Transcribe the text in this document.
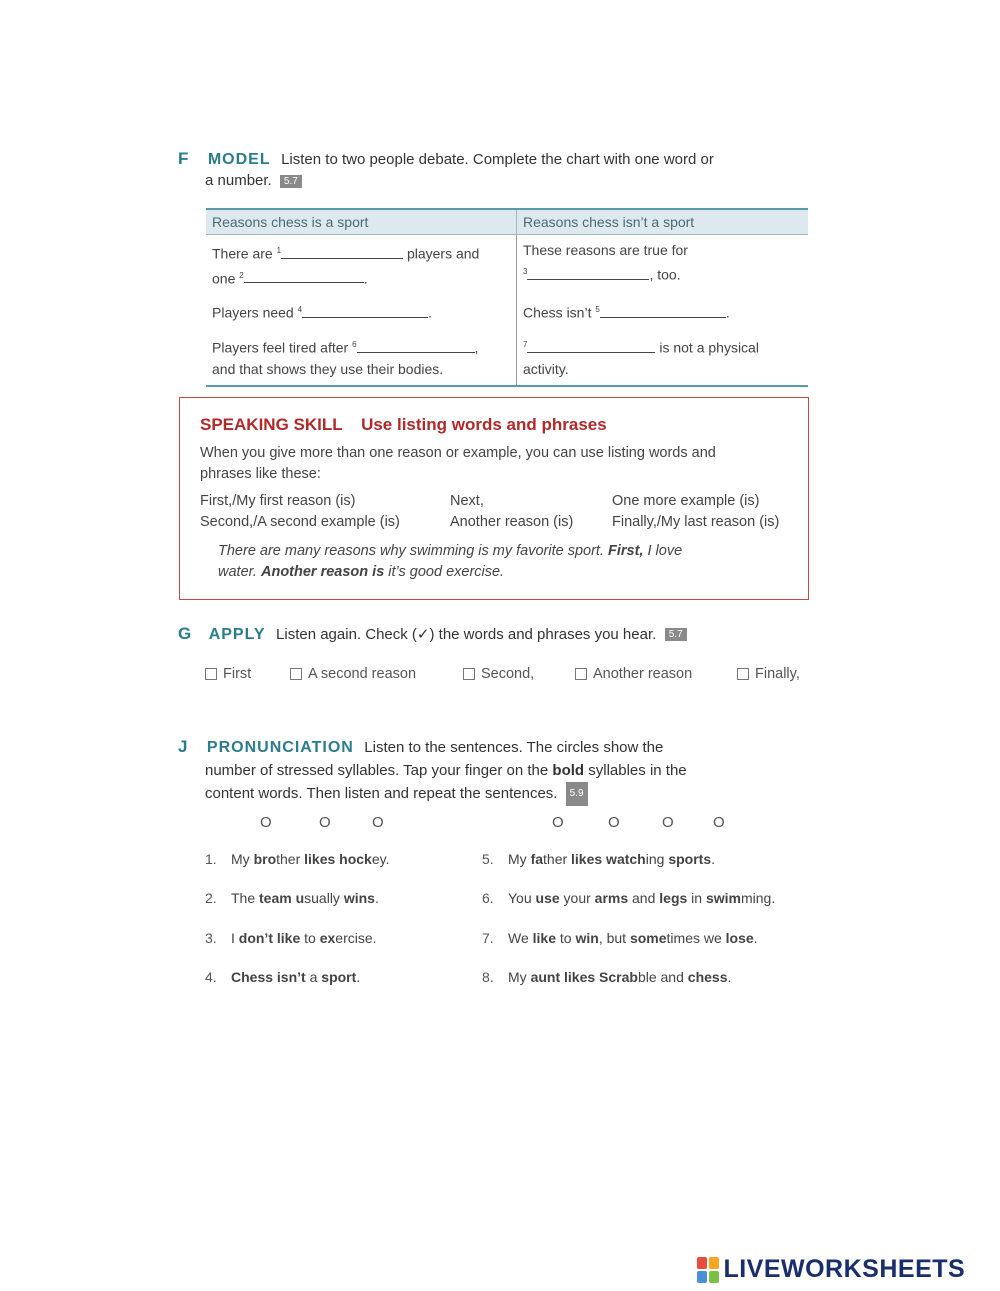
F MODEL Listen to two people debate. Complete the chart with one word or
a number. 5.7
Reasons chess is a sport	Reasons chess isn’t a sport
There are $^1$ players and
one $^2$ .	These reasons are true for
$^3$ , too.
Players need $^4$ .	Chess isn’t $^5$ .
Players feel tired after $^6$ ,
and that shows they use their bodies.	$^7$ is not a physical
activity.
SPEAKING SKILL Use listing words and phrases
When you give more than one reason or example, you can use listing words and
phrases like these:
First,/My first reason (is)	Next,	One more example (is)
Second,/A second example (is)	Another reason (is)	Finally,/My last reason (is)
There are many reasons why swimming is my favorite sport. First, I love
water. Another reason is it’s good exercise.
G APPLY Listen again. Check (✓) the words and phrases you hear. 5.7
First	A second reason	Second,	Another reason	Finally,
J PRONUNCIATION Listen to the sentences. The circles show the
number of stressed syllables. Tap your finger on the bold syllables in the
content words. Then listen and repeat the sentences. 5.9
O	O	O	O	O	O	O
1. My brother likes hockey.
2. The team usually wins.
3. I don’t like to exercise.
4. Chess isn’t a sport.
5. My father likes watching sports.
6. You use your arms and legs in swimming.
7. We like to win, but sometimes we lose.
8. My aunt likes Scrabble and chess.
LIVEWORKSHEETS
